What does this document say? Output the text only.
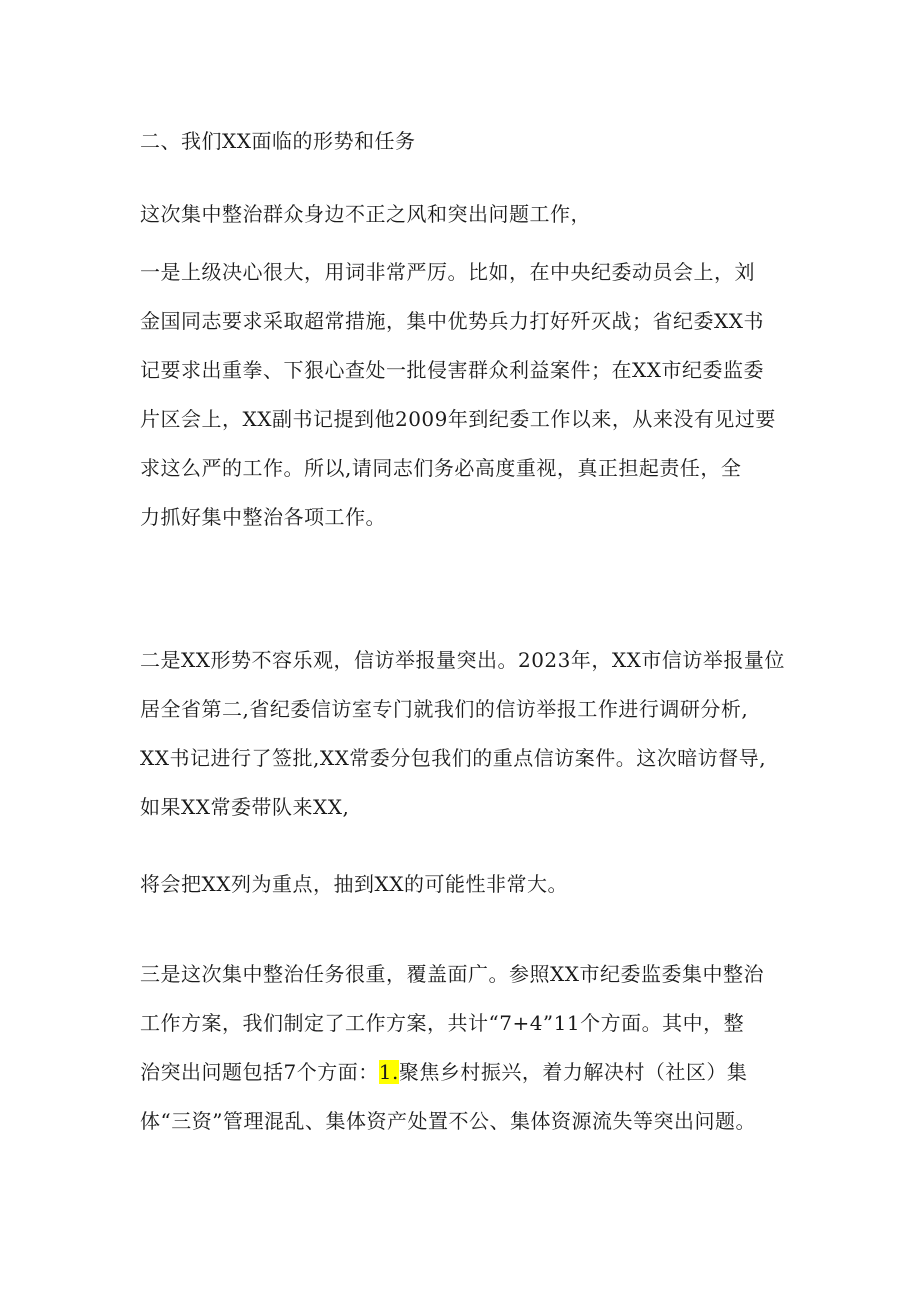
二、我们XX面临的形势和任务

这次集中整治群众身边不正之风和突出问题工作，

一是上级决心很大，用词非常严厉。比如，在中央纪委动员会上，刘
金国同志要求采取超常措施，集中优势兵力打好歼灭战；省纪委XX书
记要求出重拳、下狠心查处一批侵害群众利益案件；在XX市纪委监委
片区会上，XX副书记提到他2009年到纪委工作以来，从来没有见过要
求这么严的工作。所以,请同志们务必高度重视，真正担起责任，全
力抓好集中整治各项工作。

二是XX形势不容乐观，信访举报量突出。2023年，XX市信访举报量位
居全省第二,省纪委信访室专门就我们的信访举报工作进行调研分析,
XX书记进行了签批,XX常委分包我们的重点信访案件。这次暗访督导,
如果XX常委带队来XX,

将会把XX列为重点，抽到XX的可能性非常大。

三是这次集中整治任务很重，覆盖面广。参照XX市纪委监委集中整治
工作方案，我们制定了工作方案，共计“7+4”11个方面。其中，整
治突出问题包括7个方面：1.聚焦乡村振兴，着力解决村（社区）集
体“三资”管理混乱、集体资产处置不公、集体资源流失等突出问题。
